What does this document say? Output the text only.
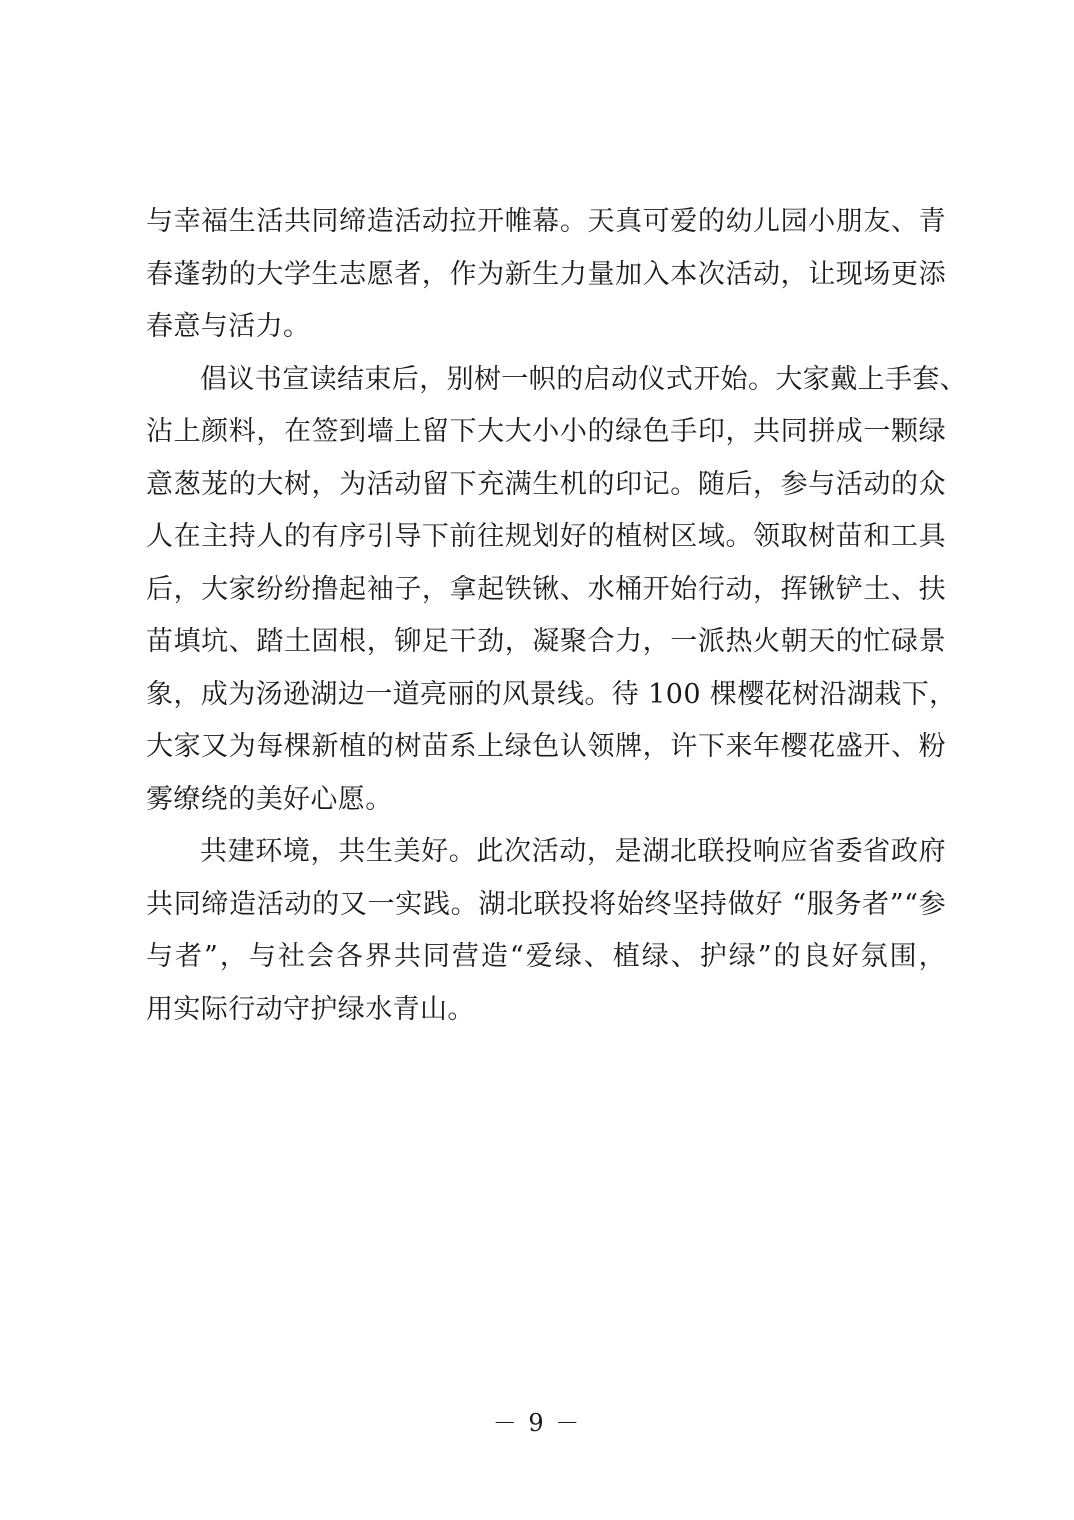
与幸福生活共同缔造活动拉开帷幕。天真可爱的幼儿园小朋友、青
春蓬勃的大学生志愿者，作为新生力量加入本次活动，让现场更添
春意与活力。
倡议书宣读结束后，别树一帜的启动仪式开始。大家戴上手套、
沾上颜料，在签到墙上留下大大小小的绿色手印，共同拼成一颗绿
意葱茏的大树，为活动留下充满生机的印记。随后，参与活动的众
人在主持人的有序引导下前往规划好的植树区域。领取树苗和工具
后，大家纷纷撸起袖子，拿起铁锹、水桶开始行动，挥锹铲土、扶
苗填坑、踏土固根，铆足干劲，凝聚合力，一派热火朝天的忙碌景
象，成为汤逊湖边一道亮丽的风景线。待 100 棵樱花树沿湖栽下，
大家又为每棵新植的树苗系上绿色认领牌，许下来年樱花盛开、粉
雾缭绕的美好心愿。
共建环境，共生美好。此次活动，是湖北联投响应省委省政府
共同缔造活动的又一实践。湖北联投将始终坚持做好 “服务者”“参
与者”，与社会各界共同营造“爱绿、植绿、护绿”的良好氛围，
用实际行动守护绿水青山。
－ 9 －
